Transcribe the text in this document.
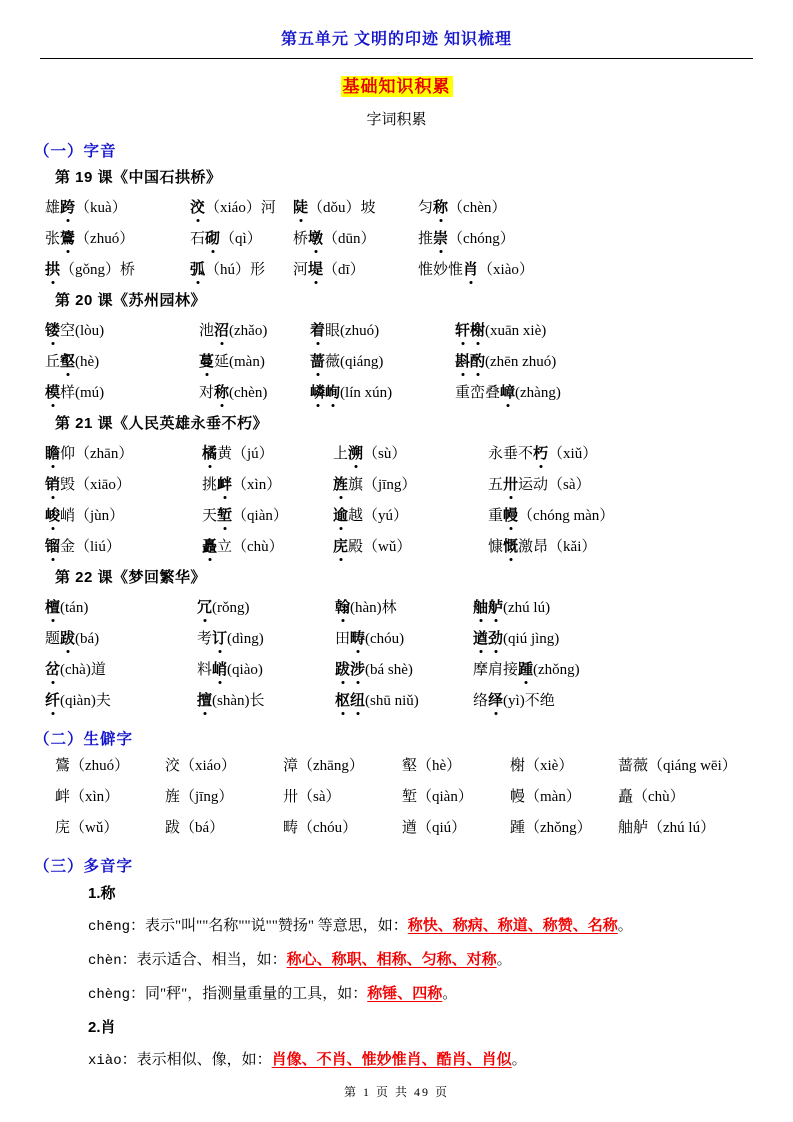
第五单元 文明的印迹 知识梳理
基础知识积累
字词积累
（一）字音
第 19 课《中国石拱桥》
雄跨（kuà）	洨（xiáo）河	陡（dǒu）坡	匀称（chèn）
张鷟（zhuó）	石砌（qì）	桥墩（dūn）	推崇（chóng）
拱（gǒng）桥	弧（hú）形	河堤（dī）	惟妙惟肖（xiào）
第 20 课《苏州园林》
镂空(lòu)	池沼(zhǎo)	着眼(zhuó)	轩榭(xuān xiè)
丘壑(hè)	蔓延(màn)	蔷薇(qiáng)	斟酌(zhēn zhuó)
模样(mú)	对称(chèn)	嶙峋(lín xún)	重峦叠嶂(zhàng)
第 21 课《人民英雄永垂不朽》
瞻仰（zhān）	橘黄（jú）	上溯（sù）	永垂不朽（xiǔ）
销毁（xiāo）	挑衅（xìn）	旌旗（jīng）	五卅运动（sà）
峻峭（jùn）	天堑（qiàn）	逾越（yú）	重幔（chóng màn）
镏金（liú）	矗立（chù）	庑殿（wǔ）	慷慨激昂（kǎi）
第 22 课《梦回繁华》
檀(tán)	冗(rǒng)	翰(hàn)林	舳舻(zhú lú)
题跋(bá)	考订(dìng)	田畴(chóu)	遒劲(qiú jìng)
岔(chà)道	料峭(qiào)	跋涉(bá shè)	摩肩接踵(zhǒng)
纤(qiàn)夫	擅(shàn)长	枢纽(shū niǔ)	络绎(yì)不绝
（二）生僻字
鷟（zhuó）	洨（xiáo）	漳（zhāng）	壑（hè）	榭（xiè）	蔷薇（qiáng wēi）
衅（xìn）	旌（jīng）	卅（sà）	堑（qiàn）	幔（màn）	矗（chù）
庑（wǔ）	跋（bá）	畴（chóu）	遒（qiú）	踵（zhǒng）	舳舻（zhú lú）
（三）多音字
1.称
chēng：表示"叫""名称""说""赞扬" 等意思，如：称快、称病、称道、称赞、名称。
chèn：表示适合、相当，如：称心、称职、相称、匀称、对称。
chèng：同"秤"，指测量重量的工具，如：称锤、四称。
2.肖
xiào：表示相似、像，如：肖像、不肖、惟妙惟肖、酷肖、肖似。
第 1 页 共 49 页
